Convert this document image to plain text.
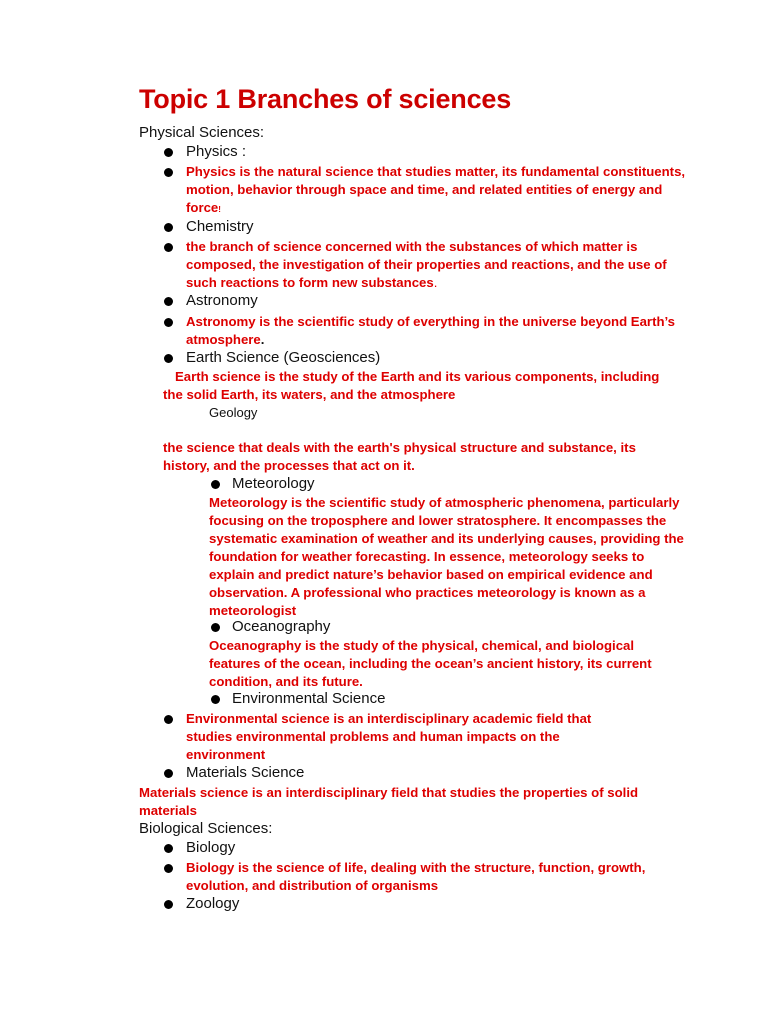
Topic 1 Branches of sciences
Physical Sciences:
Physics :
Physics is the natural science that studies matter, its fundamental constituents, motion, behavior through space and time, and related entities of energy and force!
Chemistry
the branch of science concerned with the substances of which matter is composed, the investigation of their properties and reactions, and the use of such reactions to form new substances.
Astronomy
Astronomy is the scientific study of everything in the universe beyond Earth’s atmosphere.
Earth Science (Geosciences)
Earth science is the study of the Earth and its various components, including the solid Earth, its waters, and the atmosphere
Geology
the science that deals with the earth's physical structure and substance, its history, and the processes that act on it.
Meteorology
Meteorology is the scientific study of atmospheric phenomena, particularly focusing on the troposphere and lower stratosphere. It encompasses the systematic examination of weather and its underlying causes, providing the foundation for weather forecasting. In essence, meteorology seeks to explain and predict nature’s behavior based on empirical evidence and observation. A professional who practices meteorology is known as a meteorologist
Oceanography
Oceanography is the study of the physical, chemical, and biological features of the ocean, including the ocean’s ancient history, its current condition, and its future.
Environmental Science
Environmental science is an interdisciplinary academic field that studies environmental problems and human impacts on the environment
Materials Science
Materials science is an interdisciplinary field that studies the properties of solid materials
Biological Sciences:
Biology
Biology is the science of life, dealing with the structure, function, growth, evolution, and distribution of organisms
Zoology
